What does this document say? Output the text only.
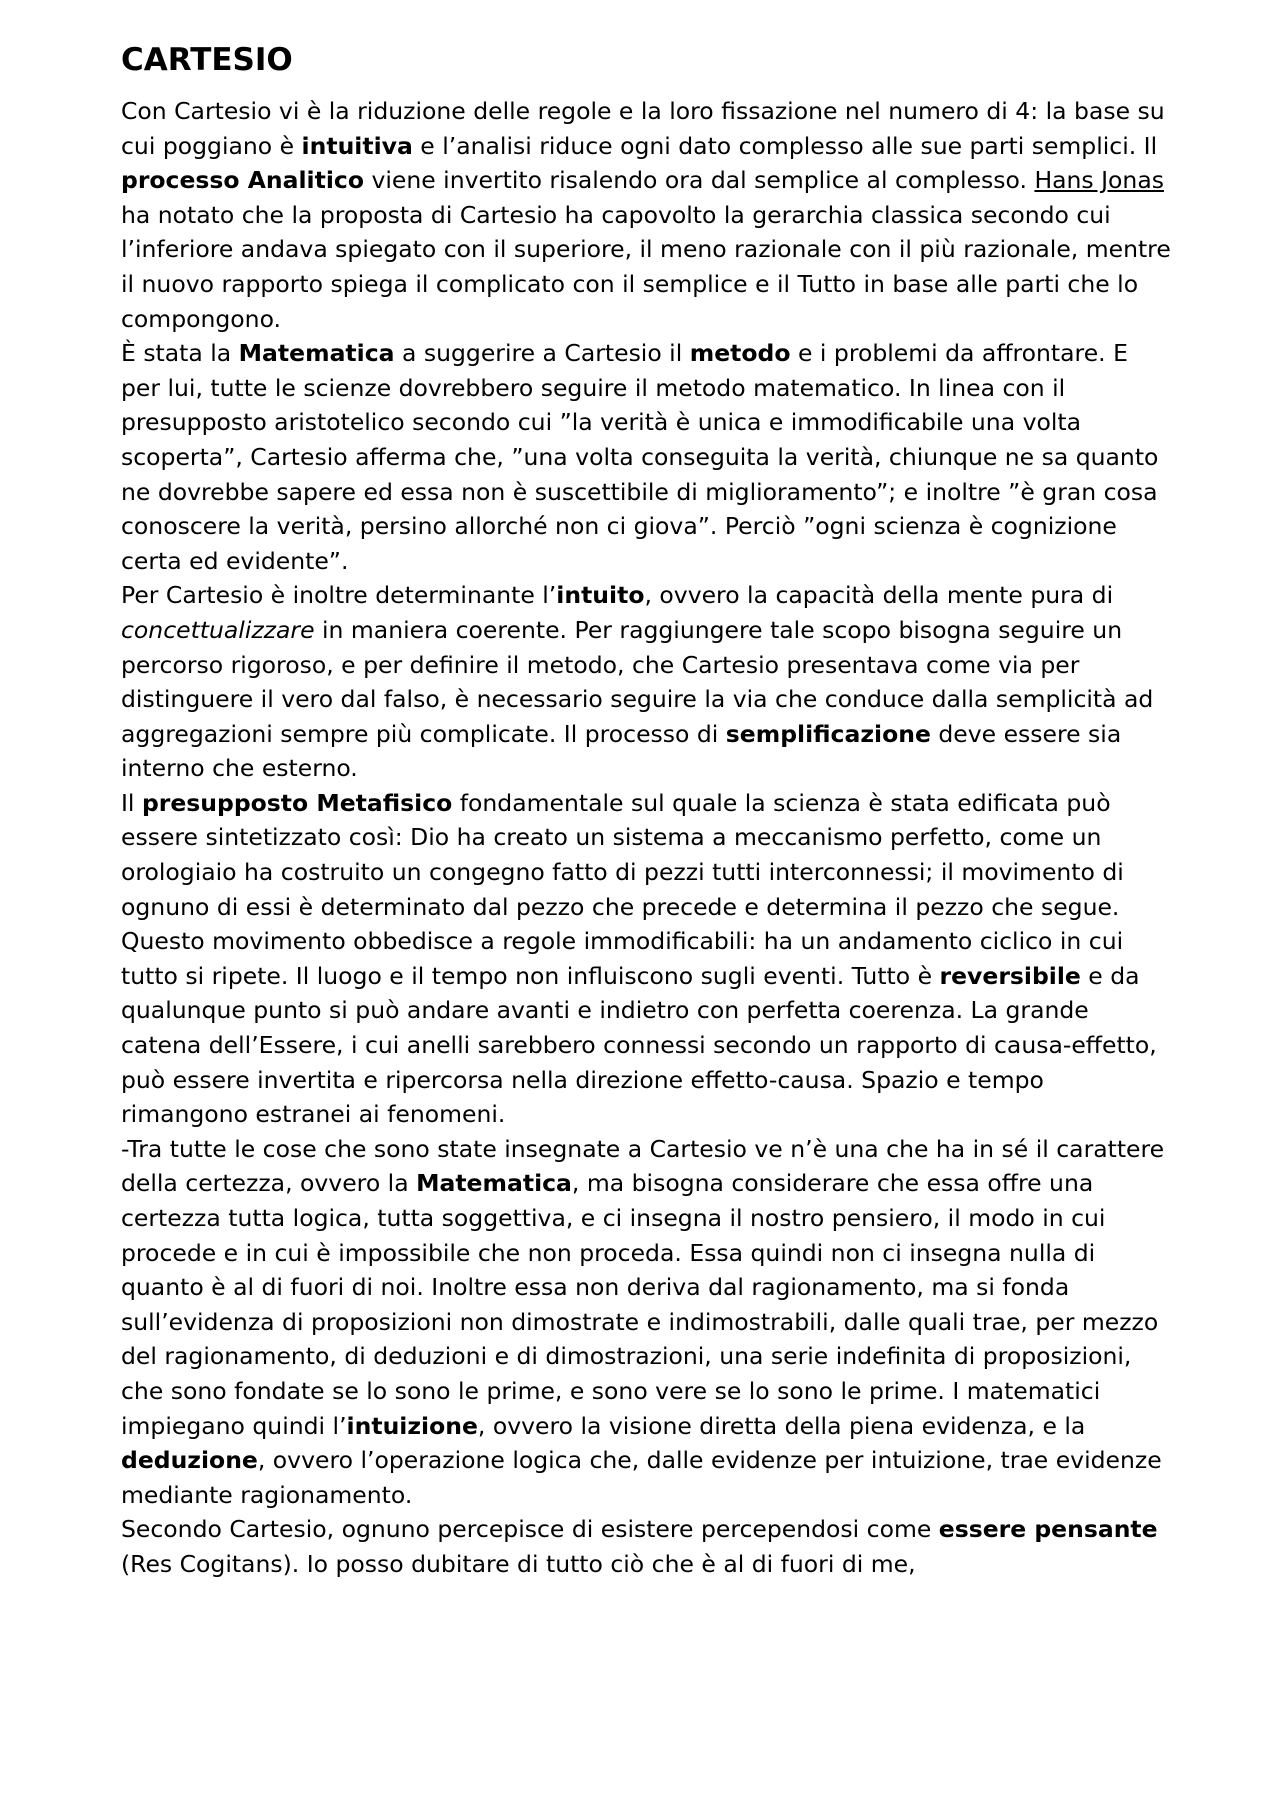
CARTESIO

Con Cartesio vi è la riduzione delle regole e la loro fissazione nel numero di 4: la base su cui poggiano è intuitiva e l’analisi riduce ogni dato complesso alle sue parti semplici. Il processo Analitico viene invertito risalendo ora dal semplice al complesso. Hans Jonas ha notato che la proposta di Cartesio ha capovolto la gerarchia classica secondo cui l’inferiore andava spiegato con il superiore, il meno razionale con il più razionale, mentre il nuovo rapporto spiega il complicato con il semplice e il Tutto in base alle parti che lo compongono.

È stata la Matematica a suggerire a Cartesio il metodo e i problemi da affrontare. E per lui, tutte le scienze dovrebbero seguire il metodo matematico. In linea con il presupposto aristotelico secondo cui ”la verità è unica e immodificabile una volta scoperta”, Cartesio afferma che, ”una volta conseguita la verità, chiunque ne sa quanto ne dovrebbe sapere ed essa non è suscettibile di miglioramento”; e inoltre ”è gran cosa conoscere la verità, persino allorché non ci giova”. Perciò ”ogni scienza è cognizione certa ed evidente”.

Per Cartesio è inoltre determinante l’intuito, ovvero la capacità della mente pura di concettualizzare in maniera coerente. Per raggiungere tale scopo bisogna seguire un percorso rigoroso, e per definire il metodo, che Cartesio presentava come via per distinguere il vero dal falso, è necessario seguire la via che conduce dalla semplicità ad aggregazioni sempre più complicate. Il processo di semplificazione deve essere sia interno che esterno.

Il presupposto Metafisico fondamentale sul quale la scienza è stata edificata può essere sintetizzato così: Dio ha creato un sistema a meccanismo perfetto, come un orologiaio ha costruito un congegno fatto di pezzi tutti interconnessi; il movimento di ognuno di essi è determinato dal pezzo che precede e determina il pezzo che segue. Questo movimento obbedisce a regole immodificabili: ha un andamento ciclico in cui tutto si ripete. Il luogo e il tempo non influiscono sugli eventi. Tutto è reversibile e da qualunque punto si può andare avanti e indietro con perfetta coerenza. La grande catena dell’Essere, i cui anelli sarebbero connessi secondo un rapporto di causa-effetto, può essere invertita e ripercorsa nella direzione effetto-causa. Spazio e tempo rimangono estranei ai fenomeni.

-Tra tutte le cose che sono state insegnate a Cartesio ve n’è una che ha in sé il carattere della certezza, ovvero la Matematica, ma bisogna considerare che essa offre una certezza tutta logica, tutta soggettiva, e ci insegna il nostro pensiero, il modo in cui procede e in cui è impossibile che non proceda. Essa quindi non ci insegna nulla di quanto è al di fuori di noi. Inoltre essa non deriva dal ragionamento, ma si fonda sull’evidenza di proposizioni non dimostrate e indimostrabili, dalle quali trae, per mezzo del ragionamento, di deduzioni e di dimostrazioni, una serie indefinita di proposizioni, che sono fondate se lo sono le prime, e sono vere se lo sono le prime. I matematici impiegano quindi l’intuizione, ovvero la visione diretta della piena evidenza, e la deduzione, ovvero l’operazione logica che, dalle evidenze per intuizione, trae evidenze mediante ragionamento.

Secondo Cartesio, ognuno percepisce di esistere percependosi come essere pensante (Res Cogitans). Io posso dubitare di tutto ciò che è al di fuori di me,
